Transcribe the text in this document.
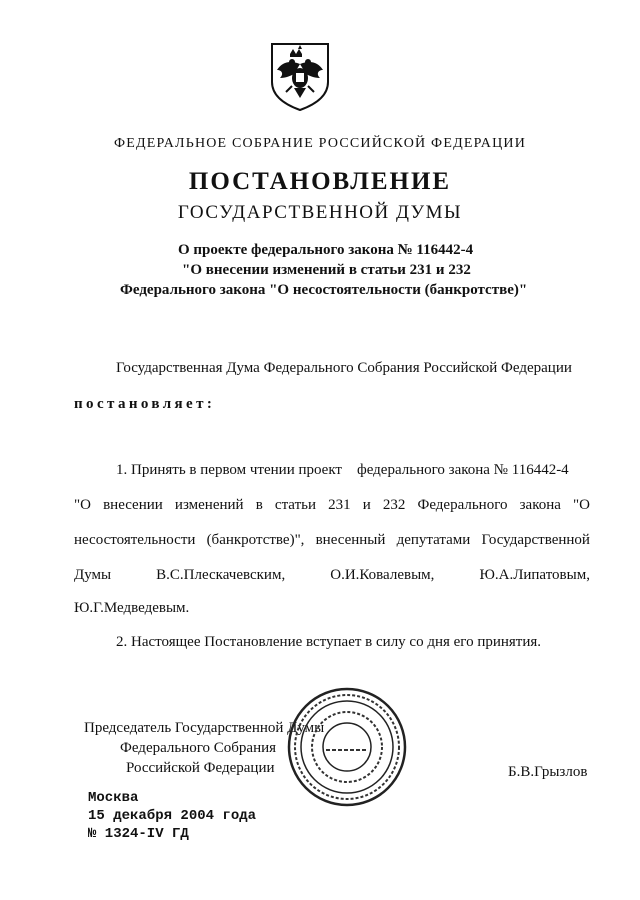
ФЕДЕРАЛЬНОЕ СОБРАНИЕ РОССИЙСКОЙ ФЕДЕРАЦИИ
ПОСТАНОВЛЕНИЕ
ГОСУДАРСТВЕННОЙ ДУМЫ
О проекте федерального закона № 116442-4
"О внесении изменений в статьи 231 и 232
Федерального закона "О несостоятельности (банкротстве)"
Государственная Дума Федерального Собрания Российской Федерации
постановляет:
1. Принять в первом чтении проект федерального закона № 116442-4
"О внесении изменений в статьи 231 и 232 Федерального закона "О
несостоятельности (банкротстве)", внесенный депутатами Государственной
Думы	В.С.Плескачевским,	О.И.Ковалевым,	Ю.А.Липатовым,
Ю.Г.Медведевым.
2. Настоящее Постановление вступает в силу со дня его принятия.
Председатель Государственной Думы
Федерального Собрания
Российской Федерации	Б.В.Грызлов
Москва
15 декабря 2004 года
№ 1324-IV ГД
